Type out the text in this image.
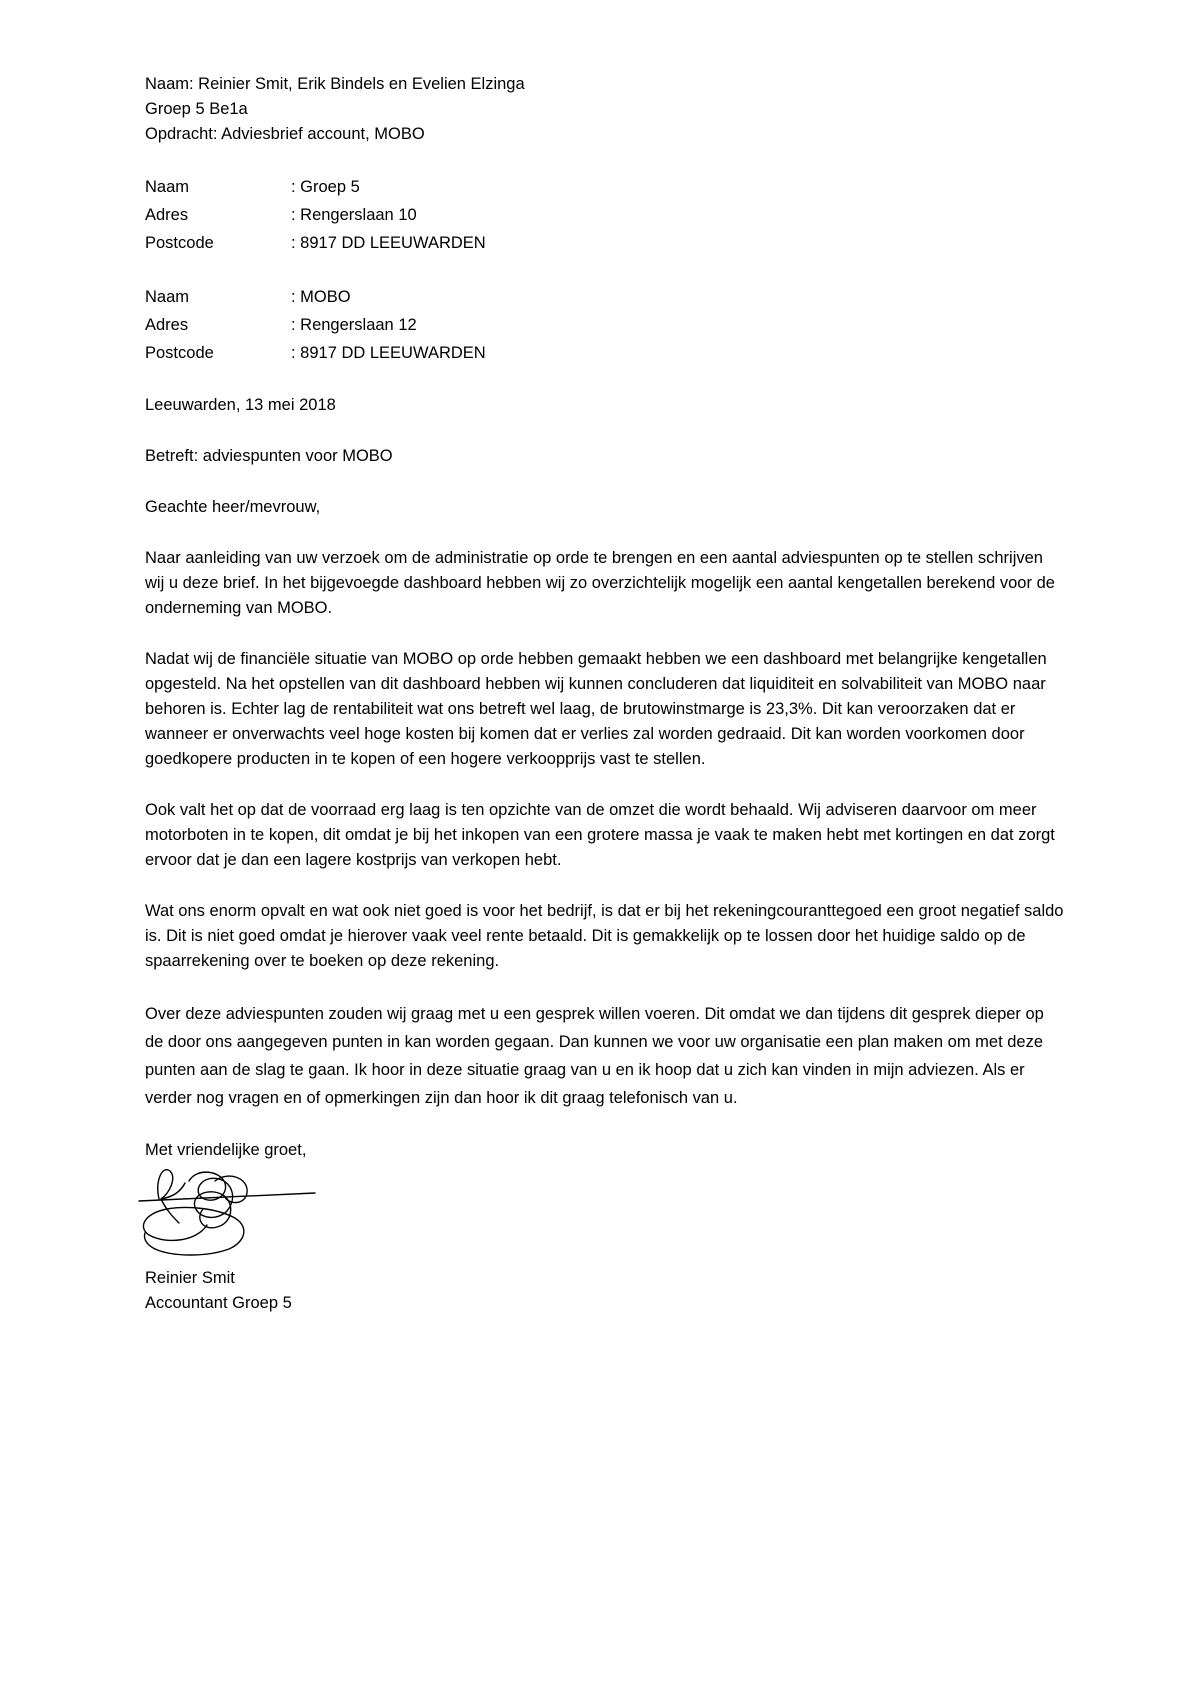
Naam: Reinier Smit, Erik Bindels en Evelien Elzinga
Groep 5 Be1a
Opdracht: Adviesbrief account, MOBO
Naam	: Groep 5
Adres	: Rengerslaan 10
Postcode	: 8917 DD LEEUWARDEN
Naam	: MOBO
Adres	: Rengerslaan 12
Postcode	: 8917 DD LEEUWARDEN
Leeuwarden, 13 mei 2018
Betreft: adviespunten voor MOBO
Geachte heer/mevrouw,

Naar aanleiding van uw verzoek om de administratie op orde te brengen en een aantal adviespunten op te stellen schrijven wij u deze brief. In het bijgevoegde dashboard hebben wij zo overzichtelijk mogelijk een aantal kengetallen berekend voor de onderneming van MOBO.

Nadat wij de financiële situatie van MOBO op orde hebben gemaakt hebben we een dashboard met belangrijke kengetallen opgesteld. Na het opstellen van dit dashboard hebben wij kunnen concluderen dat liquiditeit en solvabiliteit van MOBO naar behoren is. Echter lag de rentabiliteit wat ons betreft wel laag, de brutowinstmarge is 23,3%. Dit kan veroorzaken dat er wanneer er onverwachts veel hoge kosten bij komen dat er verlies zal worden gedraaid. Dit kan worden voorkomen door goedkopere producten in te kopen of een hogere verkoopprijs vast te stellen.

Ook valt het op dat de voorraad erg laag is ten opzichte van de omzet die wordt behaald. Wij adviseren daarvoor om meer motorboten in te kopen, dit omdat je bij het inkopen van een grotere massa je vaak te maken hebt met kortingen en dat zorgt ervoor dat je dan een lagere kostprijs van verkopen hebt.

Wat ons enorm opvalt en wat ook niet goed is voor het bedrijf, is dat er bij het rekeningcouranttegoed een groot negatief saldo is. Dit is niet goed omdat je hierover vaak veel rente betaald. Dit is gemakkelijk op te lossen door het huidige saldo op de spaarrekening over te boeken op deze rekening.

Over deze adviespunten zouden wij graag met u een gesprek willen voeren. Dit omdat we dan tijdens dit gesprek dieper op de door ons aangegeven punten in kan worden gegaan. Dan kunnen we voor uw organisatie een plan maken om met deze punten aan de slag te gaan. Ik hoor in deze situatie graag van u en ik hoop dat u zich kan vinden in mijn adviezen. Als er verder nog vragen en of opmerkingen zijn dan hoor ik dit graag telefonisch van u.

Met vriendelijke groet,
Reinier Smit
Accountant Groep 5
